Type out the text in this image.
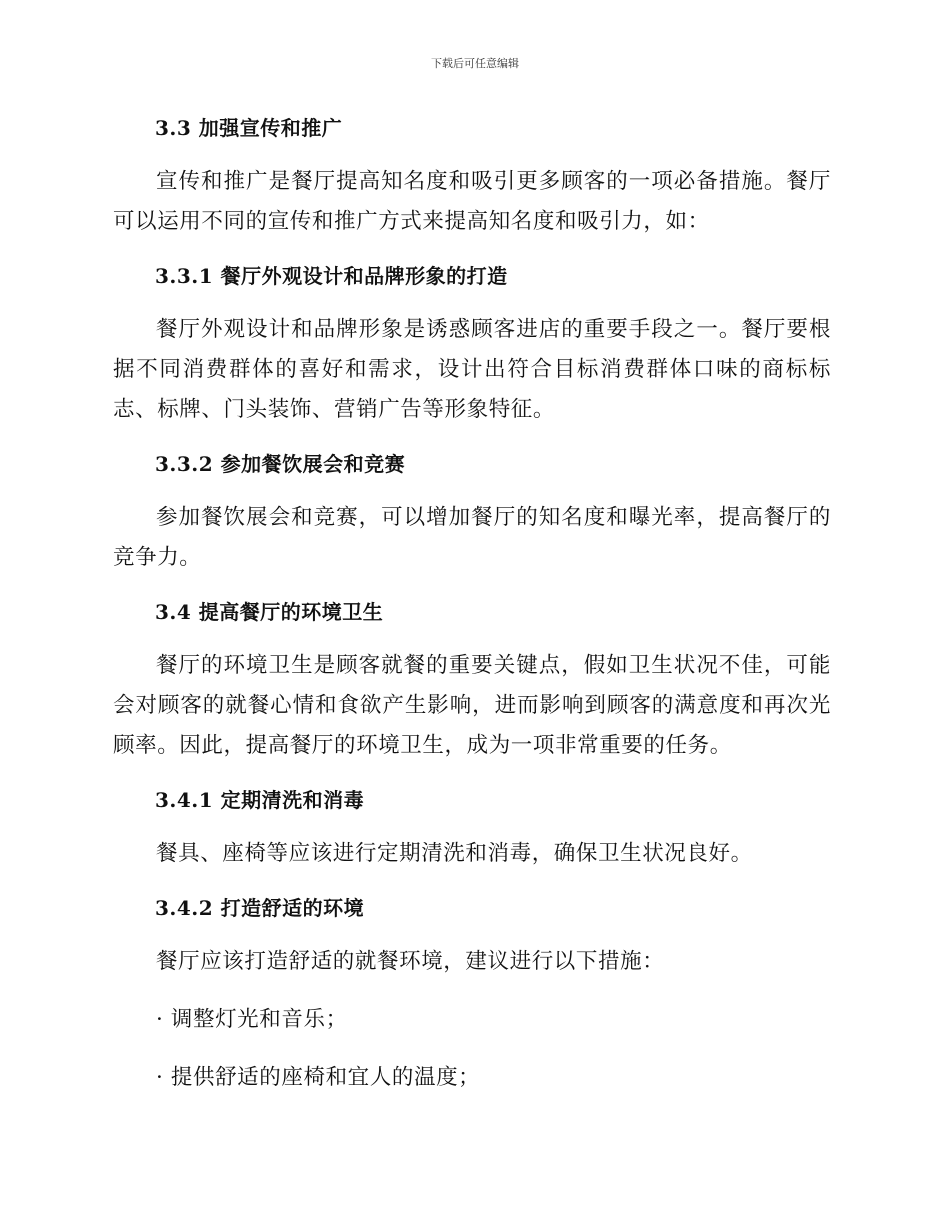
下载后可任意编辑
3.3 加强宣传和推广

宣传和推广是餐厅提高知名度和吸引更多顾客的一项必备措施。餐厅可以运用不同的宣传和推广方式来提高知名度和吸引力，如：

3.3.1 餐厅外观设计和品牌形象的打造

餐厅外观设计和品牌形象是诱惑顾客进店的重要手段之一。餐厅要根据不同消费群体的喜好和需求，设计出符合目标消费群体口味的商标标志、标牌、门头装饰、营销广告等形象特征。

3.3.2 参加餐饮展会和竞赛

参加餐饮展会和竞赛，可以增加餐厅的知名度和曝光率，提高餐厅的竞争力。

3.4 提高餐厅的环境卫生

餐厅的环境卫生是顾客就餐的重要关键点，假如卫生状况不佳，可能会对顾客的就餐心情和食欲产生影响，进而影响到顾客的满意度和再次光顾率。因此，提高餐厅的环境卫生，成为一项非常重要的任务。

3.4.1 定期清洗和消毒

餐具、座椅等应该进行定期清洗和消毒，确保卫生状况良好。

3.4.2 打造舒适的环境

餐厅应该打造舒适的就餐环境，建议进行以下措施：

· 调整灯光和音乐；

· 提供舒适的座椅和宜人的温度；
